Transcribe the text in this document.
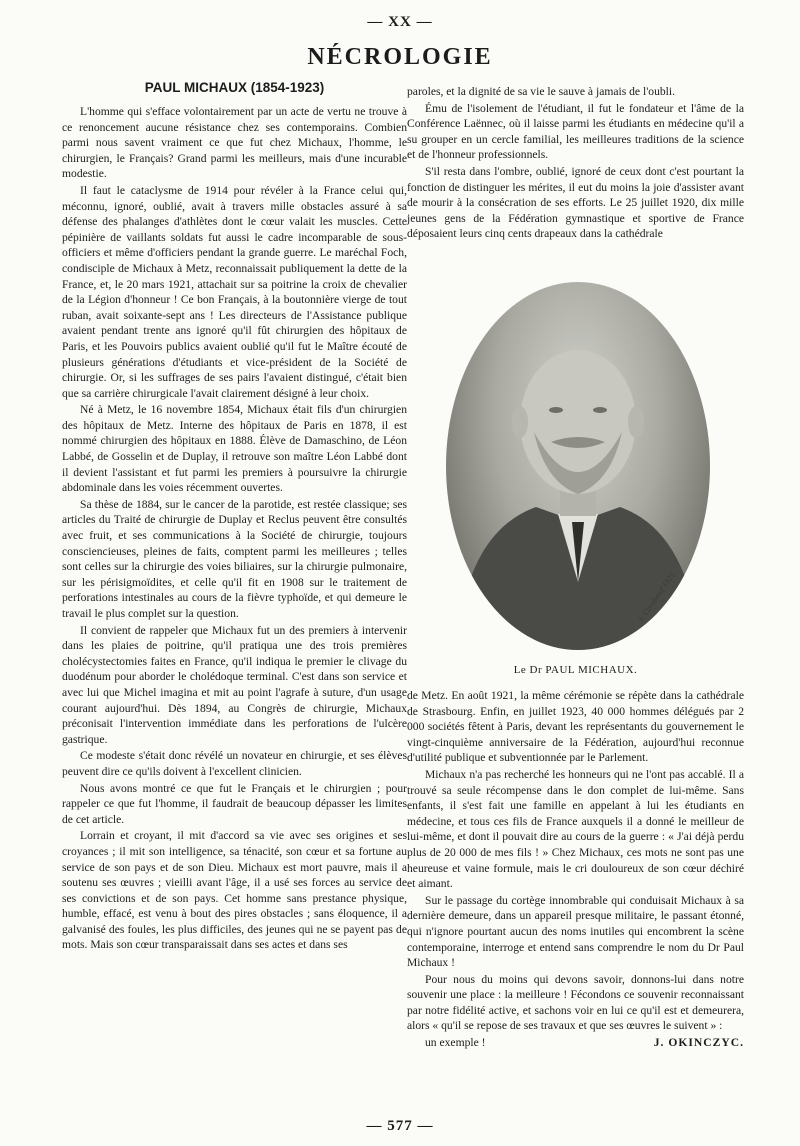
— XX —
NÉCROLOGIE
PAUL MICHAUX (1854-1923)

L'homme qui s'efface volontairement par un acte de vertu ne trouve à ce renoncement aucune résistance chez ses contemporains. Combien parmi nous savent vraiment ce que fut chez Michaux, l'homme, le chirurgien, le Français? Grand parmi les meilleurs, mais d'une incurable modestie.

Il faut le cataclysme de 1914 pour révéler à la France celui qui, méconnu, ignoré, oublié, avait à travers mille obstacles assuré à sa défense des phalanges d'athlètes dont le cœur valait les muscles. Cette pépinière de vaillants soldats fut aussi le cadre incomparable de sous-officiers et même d'officiers pendant la grande guerre. Le maréchal Foch, condisciple de Michaux à Metz, reconnaissait publiquement la dette de la France, et, le 20 mars 1921, attachait sur sa poitrine la croix de chevalier de la Légion d'honneur ! Ce bon Français, à la boutonnière vierge de tout ruban, avait soixante-sept ans ! Les directeurs de l'Assistance publique avaient pendant trente ans ignoré qu'il fût chirurgien des hôpitaux de Paris, et les Pouvoirs publics avaient oublié qu'il fut le Maître écouté de plusieurs générations d'étudiants et vice-président de la Société de chirurgie. Or, si les suffrages de ses pairs l'avaient distingué, c'était bien que sa carrière chirurgicale l'avait clairement désigné à leur choix.

Né à Metz, le 16 novembre 1854, Michaux était fils d'un chirurgien des hôpitaux de Metz. Interne des hôpitaux de Paris en 1878, il est nommé chirurgien des hôpitaux en 1888. Élève de Damaschino, de Léon Labbé, de Gosselin et de Duplay, il retrouve son maître Léon Labbé dont il devient l'assistant et fut parmi les premiers à poursuivre la chirurgie abdominale dans les voies récemment ouvertes.

Sa thèse de 1884, sur le cancer de la parotide, est restée classique; ses articles du Traité de chirurgie de Duplay et Reclus peuvent être consultés avec fruit, et ses communications à la Société de chirurgie, toujours consciencieuses, pleines de faits, comptent parmi les meilleures ; telles sont celles sur la chirurgie des voies biliaires, sur la chirurgie pulmonaire, sur les périsigmoïdites, et celle qu'il fit en 1908 sur le traitement de perforations intestinales au cours de la fièvre typhoïde, et qui demeure le travail le plus complet sur la question.

Il convient de rappeler que Michaux fut un des premiers à intervenir dans les plaies de poitrine, qu'il pratiqua une des trois premières cholécystectomies faites en France, qu'il indiqua le premier le clivage du duodénum pour aborder le cholédoque terminal. C'est dans son service et avec lui que Michel imagina et mit au point l'agrafe à suture, d'un usage courant aujourd'hui. Dès 1894, au Congrès de chirurgie, Michaux préconisait l'intervention immédiate dans les perforations de l'ulcère gastrique.

Ce modeste s'était donc révélé un novateur en chirurgie, et ses élèves peuvent dire ce qu'ils doivent à l'excellent clinicien.

Nous avons montré ce que fut le Français et le chirurgien ; pour rappeler ce que fut l'homme, il faudrait de beaucoup dépasser les limites de cet article.

Lorrain et croyant, il mit d'accord sa vie avec ses origines et ses croyances ; il mit son intelligence, sa ténacité, son cœur et sa fortune au service de son pays et de son Dieu. Michaux est mort pauvre, mais il a soutenu ses œuvres ; vieilli avant l'âge, il a usé ses forces au service de ses convictions et de son pays. Cet homme sans prestance physique, humble, effacé, est venu à bout des pires obstacles ; sans éloquence, il a galvanisé des foules, les plus difficiles, des jeunes qui ne se payent pas de mots. Mais son cœur transparaissait dans ses actes et dans ses

paroles, et la dignité de sa vie le sauve à jamais de l'oubli.

Ému de l'isolement de l'étudiant, il fut le fondateur et l'âme de la Conférence Laënnec, où il laisse parmi les étudiants en médecine qu'il a su grouper en un cercle familial, les meilleures traditions de la science et de l'honneur professionnels.

S'il resta dans l'ombre, oublié, ignoré de ceux dont c'est pourtant la fonction de distinguer les mérites, il eut du moins la joie d'assister avant de mourir à la consécration de ses efforts. Le 25 juillet 1920, dix mille jeunes gens de la Fédération gymnastique et sportive de France déposaient leurs cinq cents drapeaux dans la cathédrale

J. Corabœuf 1921
Le Dr PAUL MICHAUX.

de Metz. En août 1921, la même cérémonie se répète dans la cathédrale de Strasbourg. Enfin, en juillet 1923, 40 000 hommes délégués par 2 000 sociétés fêtent à Paris, devant les représentants du gouvernement le vingt-cinquième anniversaire de la Fédération, aujourd'hui reconnue d'utilité publique et subventionnée par le Parlement.

Michaux n'a pas recherché les honneurs qui ne l'ont pas accablé. Il a trouvé sa seule récompense dans le don complet de lui-même. Sans enfants, il s'est fait une famille en appelant à lui les étudiants en médecine, et tous ces fils de France auxquels il a donné le meilleur de lui-même, et dont il pouvait dire au cours de la guerre : « J'ai déjà perdu plus de 20 000 de mes fils ! » Chez Michaux, ces mots ne sont pas une heureuse et vaine formule, mais le cri douloureux de son cœur déchiré et aimant.

Sur le passage du cortège innombrable qui conduisait Michaux à sa dernière demeure, dans un appareil presque militaire, le passant étonné, qui n'ignore pourtant aucun des noms inutiles qui encombrent la scène contemporaine, interroge et entend sans comprendre le nom du Dr Paul Michaux !

Pour nous du moins qui devons savoir, donnons-lui dans notre souvenir une place : la meilleure ! Fécondons ce souvenir reconnaissant par notre fidélité active, et sachons voir en lui ce qu'il est et demeurera, alors « qu'il se repose de ses travaux et que ses œuvres le suivent » :

un exemple !	J. OKINCZYC.

— 577 —
